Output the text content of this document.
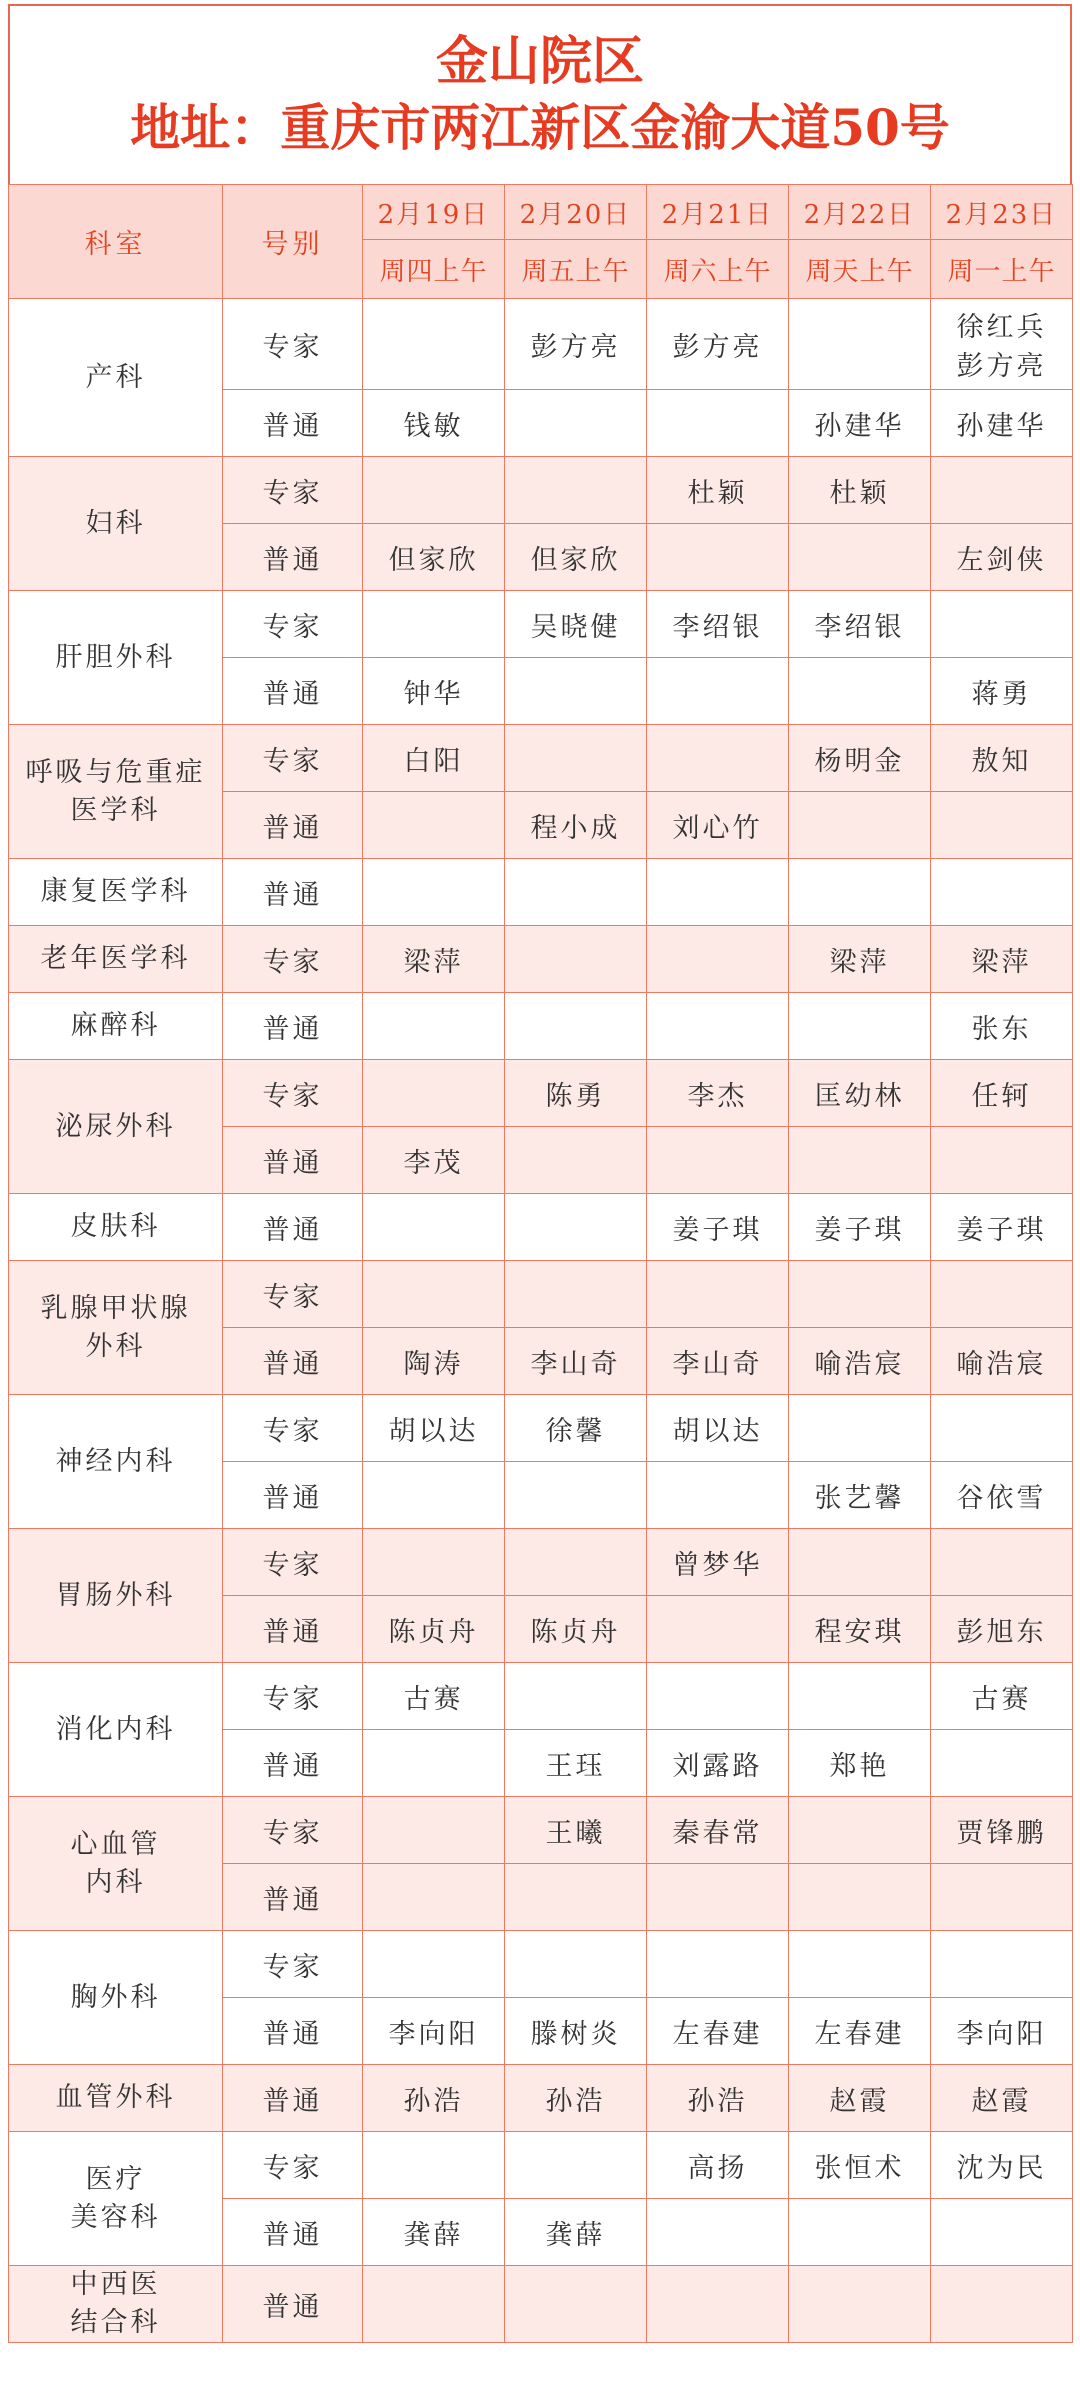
金山院区
地址：重庆市两江新区金渝大道50号
科室	号别	2月19日	2月20日	2月21日	2月22日	2月23日
		周四上午	周五上午	周六上午	周天上午	周一上午
产科	专家		彭方亮	彭方亮		徐红兵
彭方亮
	普通	钱敏			孙建华	孙建华
妇科	专家			杜颖	杜颖	
	普通	但家欣	但家欣			左剑侠
肝胆外科	专家		吴晓健	李绍银	李绍银	
	普通	钟华				蒋勇
呼吸与危重症
医学科	专家	白阳			杨明金	敖知
	普通		程小成	刘心竹		
康复医学科	普通					
老年医学科	专家	梁萍			梁萍	梁萍
麻醉科	普通					张东
泌尿外科	专家		陈勇	李杰	匡幼林	任轲
	普通	李茂				
皮肤科	普通			姜子琪	姜子琪	姜子琪
乳腺甲状腺
外科	专家					
	普通	陶涛	李山奇	李山奇	喻浩宸	喻浩宸
神经内科	专家	胡以达	徐馨	胡以达		
	普通				张艺馨	谷依雪
胃肠外科	专家			曾梦华		
	普通	陈贞舟	陈贞舟		程安琪	彭旭东
消化内科	专家	古赛				古赛
	普通		王珏	刘露路	郑艳	
心血管
内科	专家		王曦	秦春常		贾锋鹏
	普通					
胸外科	专家					
	普通	李向阳	滕树炎	左春建	左春建	李向阳
血管外科	普通	孙浩	孙浩	孙浩	赵霞	赵霞
医疗
美容科	专家			高扬	张恒术	沈为民
	普通	龚薛	龚薛			
中西医
结合科	普通					
